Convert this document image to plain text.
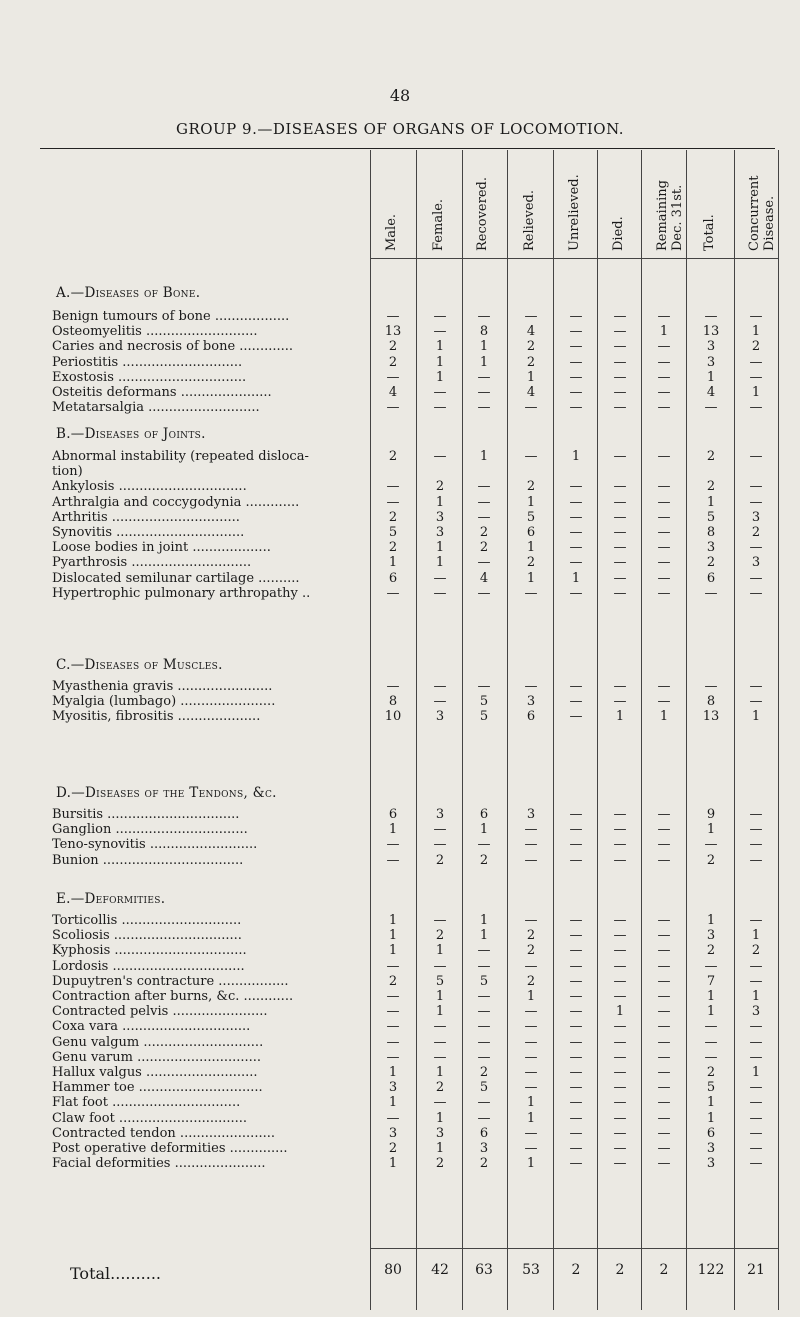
48
GROUP 9.—DISEASES OF ORGANS OF LOCOMOTION.
Total..........
Male. Female. Recovered. Relieved. Unrelieved. Died. Remaining Dec. 31st. Total. Concurrent Disease.
A.—Diseases of Bone.
Benign tumours of bone ..................	—	—	—	—	—	—	—	—	—
Osteomyelitis ...........................	13	—	8	4	—	—	1	13	1
Caries and necrosis of bone .............	2	1	1	2	—	—	—	3	2
Periostitis .............................	2	1	1	2	—	—	—	3	—
Exostosis ...............................	—	1	—	1	—	—	—	1	—
Osteitis deformans ......................	4	—	—	4	—	—	—	4	1
Metatarsalgia ...........................	—	—	—	—	—	—	—	—	—
B.—Diseases of Joints.
Abnormal instability (repeated disloca-	2	—	1	—	1	—	—	2	—
tion)
Ankylosis ...............................	—	2	—	2	—	—	—	2	—
Arthralgia and coccygodynia .............	—	1	—	1	—	—	—	1	—
Arthritis ...............................	2	3	—	5	—	—	—	5	3
Synovitis ...............................	5	3	2	6	—	—	—	8	2
Loose bodies in joint ...................	2	1	2	1	—	—	—	3	—
Pyarthrosis .............................	1	1	—	2	—	—	—	2	3
Dislocated semilunar cartilage ..........	6	—	4	1	1	—	—	6	—
Hypertrophic pulmonary arthropathy ..	—	—	—	—	—	—	—	—	—
C.—Diseases of Muscles.
Myasthenia gravis .......................	—	—	—	—	—	—	—	—	—
Myalgia (lumbago) .......................	8	—	5	3	—	—	—	8	—
Myositis, fibrositis ....................	10	3	5	6	—	1	1	13	1
D.—Diseases of the Tendons, &c.
Bursitis ................................	6	3	6	3	—	—	—	9	—
Ganglion ................................	1	—	1	—	—	—	—	1	—
Teno-synovitis ..........................	—	—	—	—	—	—	—	—	—
Bunion ..................................	—	2	2	—	—	—	—	2	—
E.—Deformities.
Torticollis .............................	1	—	1	—	—	—	—	1	—
Scoliosis ...............................	1	2	1	2	—	—	—	3	1
Kyphosis ................................	1	1	—	2	—	—	—	2	2
Lordosis ................................	—	—	—	—	—	—	—	—	—
Dupuytren's contracture .................	2	5	5	2	—	—	—	7	—
Contraction after burns, &c. ............	—	1	—	1	—	—	—	1	1
Contracted pelvis .......................	—	1	—	—	—	1	—	1	3
Coxa vara ...............................	—	—	—	—	—	—	—	—	—
Genu valgum .............................	—	—	—	—	—	—	—	—	—
Genu varum ..............................	—	—	—	—	—	—	—	—	—
Hallux valgus ...........................	1	1	2	—	—	—	—	2	1
Hammer toe ..............................	3	2	5	—	—	—	—	5	—
Flat foot ...............................	1	—	—	1	—	—	—	1	—
Claw foot ...............................	—	1	—	1	—	—	—	1	—
Contracted tendon .......................	3	3	6	—	—	—	—	6	—
Post operative deformities ..............	2	1	3	—	—	—	—	3	—
Facial deformities ......................	1	2	2	1	—	—	—	3	—
80	42	63	53	2	2	2	122	21
